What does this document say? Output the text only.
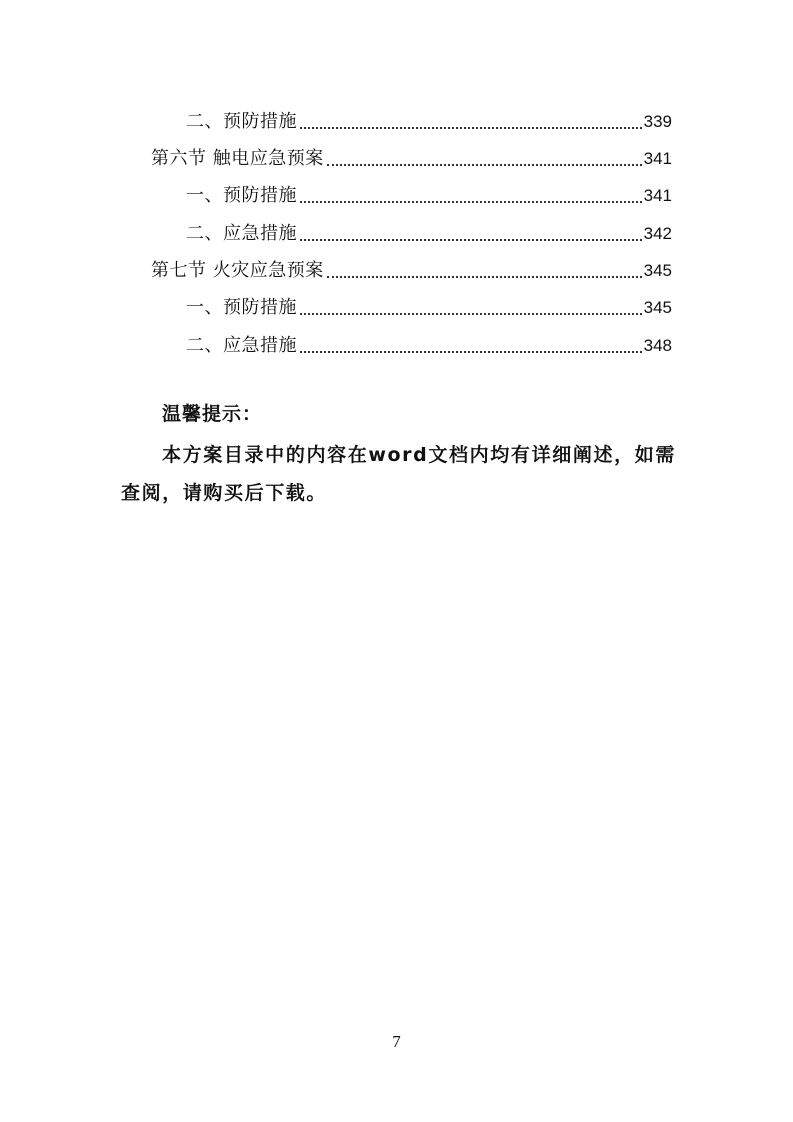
二、预防措施	339
第六节 触电应急预案	341
一、预防措施	341
二、应急措施	342
第七节 火灾应急预案	345
一、预防措施	345
二、应急措施	348
温馨提示：
本方案目录中的内容在word文档内均有详细阐述，如需查阅，请购买后下载。
7
